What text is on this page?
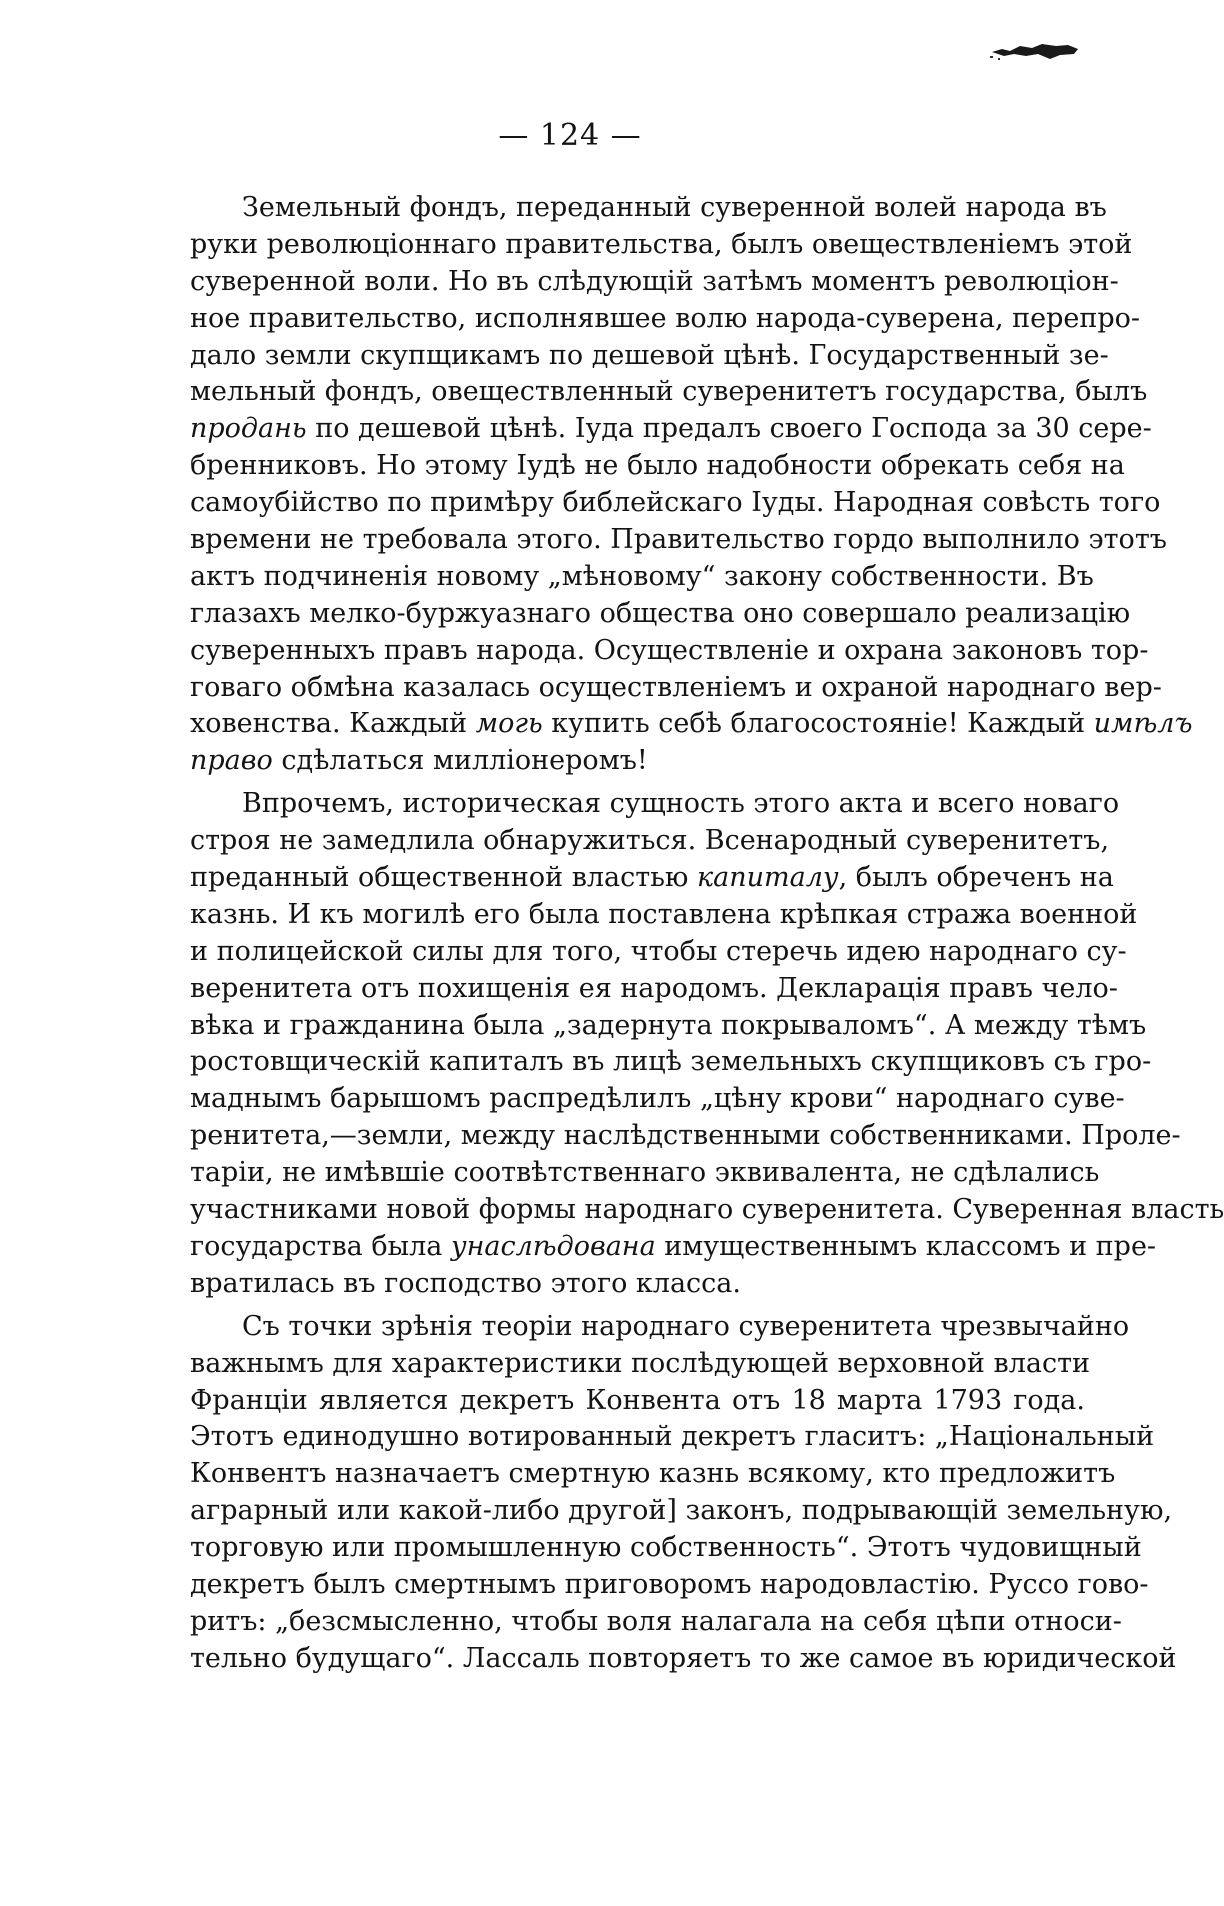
— 124 —
Земельный фондъ, переданный суверенной волей народа въ
руки революціоннаго правительства, былъ овеществленіемъ этой
суверенной воли. Но въ слѣдующій затѣмъ моментъ революціон-
ное правительство, исполнявшее волю народа-суверена, перепро-
дало земли скупщикамъ по дешевой цѣнѣ. Государственный зе-
мельный фондъ, овеществленный суверенитетъ государства, былъ
продань по дешевой цѣнѣ. Іуда предалъ своего Господа за 30 сере-
бренниковъ. Но этому Іудѣ не было надобности обрекать себя на
самоубійство по примѣру библейскаго Іуды. Народная совѣсть того
времени не требовала этого. Правительство гордо выполнило этотъ
актъ подчиненія новому „мѣновому“ закону собственности. Въ
глазахъ мелко-буржуазнаго общества оно совершало реализацію
суверенныхъ правъ народа. Осуществленіе и охрана законовъ тор-
говаго обмѣна казалась осуществленіемъ и охраной народнаго вер-
ховенства. Каждый могь купить себѣ благосостояніе! Каждый имѣлъ
право сдѣлаться милліонеромъ!
Впрочемъ, историческая сущность этого акта и всего новаго
строя не замедлила обнаружиться. Всенародный суверенитетъ,
преданный общественной властью капиталу, былъ обреченъ на
казнь. И къ могилѣ его была поставлена крѣпкая стража военной
и полицейской силы для того, чтобы стеречь идею народнаго су-
веренитета отъ похищенія ея народомъ. Декларація правъ чело-
вѣка и гражданина была „задернута покрываломъ“. А между тѣмъ
ростовщическій капиталъ въ лицѣ земельныхъ скупщиковъ съ гро-
маднымъ барышомъ распредѣлилъ „цѣну крови“ народнаго суве-
ренитета,—земли, между наслѣдственными собственниками. Проле-
таріи, не имѣвшіе соотвѣтственнаго эквивалента, не сдѣлались
участниками новой формы народнаго суверенитета. Суверенная власть
государства была унаслѣдована имущественнымъ классомъ и пре-
вратилась въ господство этого класса.
Съ точки зрѣнія теоріи народнаго суверенитета чрезвычайно
важнымъ для характеристики послѣдующей верховной власти
Франціи является декретъ Конвента отъ 18 марта 1793 года.
Этотъ единодушно вотированный декретъ гласитъ: „Національный
Конвентъ назначаетъ смертную казнь всякому, кто предложитъ
аграрный или какой-либо другой] законъ, подрывающій земельную,
торговую или промышленную собственность“. Этотъ чудовищный
декретъ былъ смертнымъ приговоромъ народовластію. Руссо гово-
ритъ: „безсмысленно, чтобы воля налагала на себя цѣпи относи-
тельно будущаго“. Лассаль повторяетъ то же самое въ юридической
